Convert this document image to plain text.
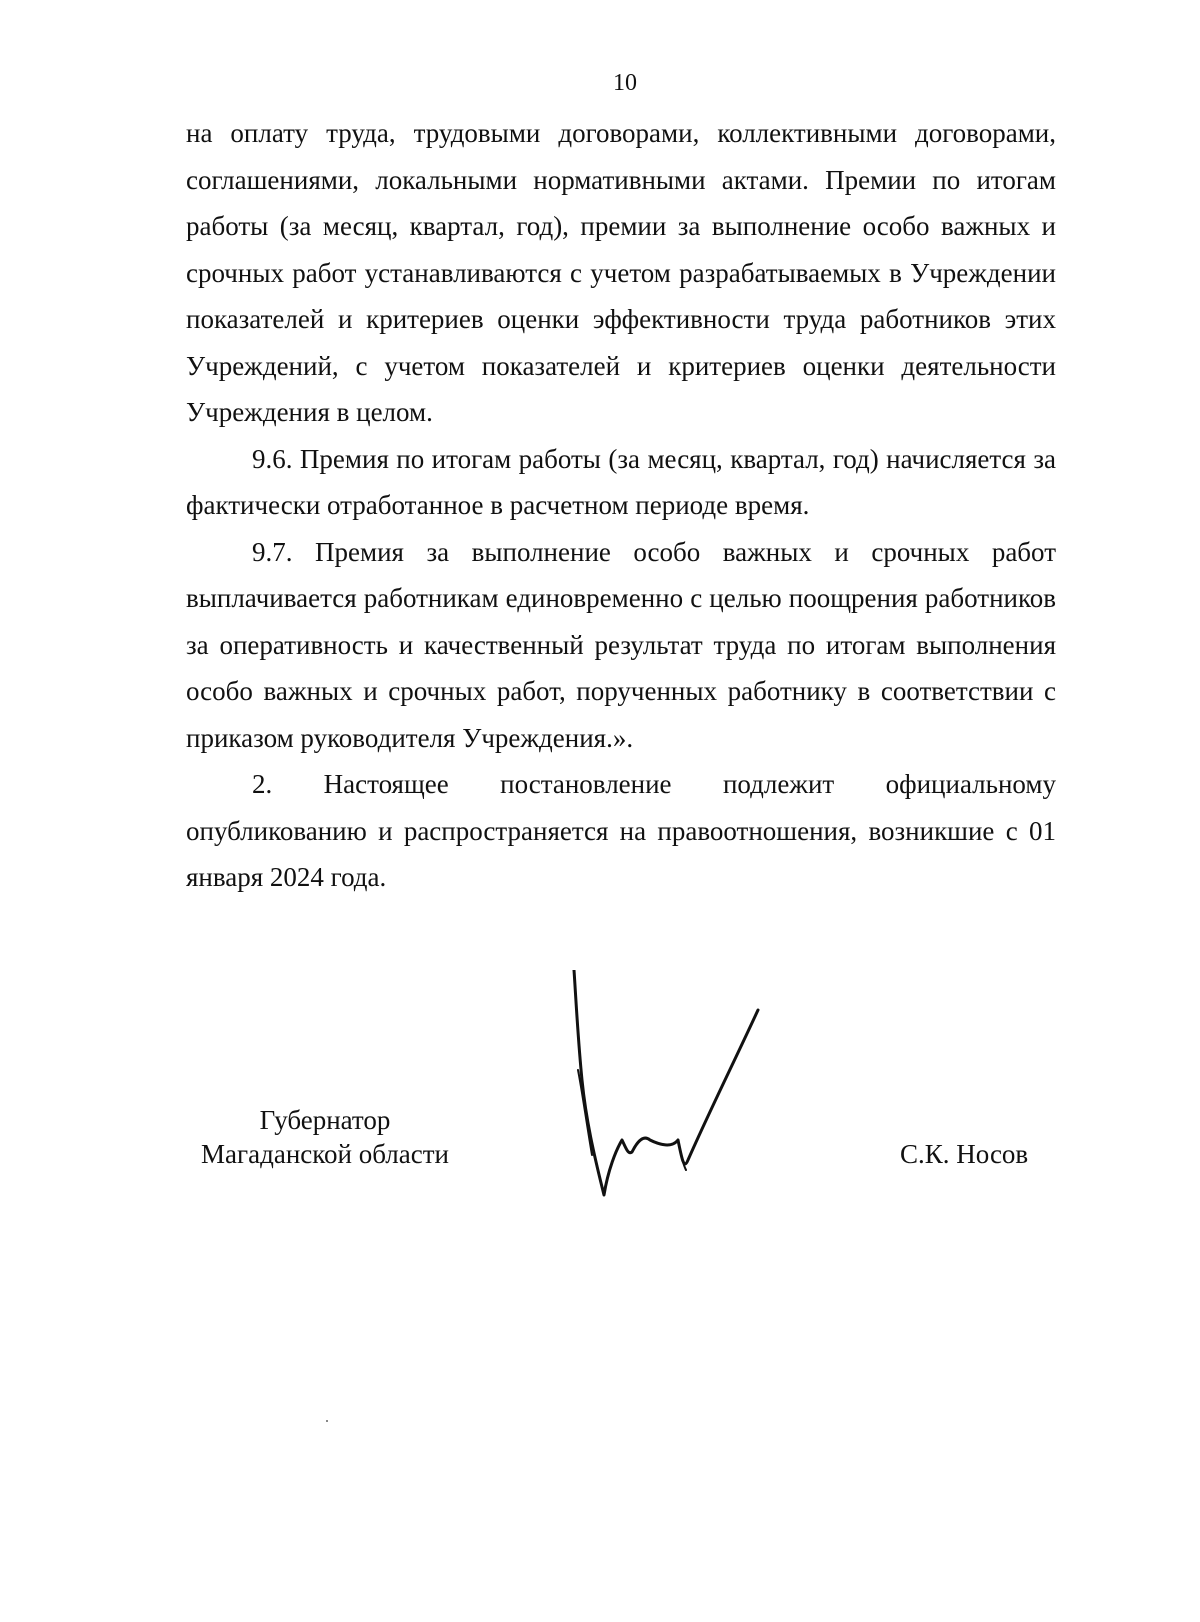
10

на оплату труда, трудовыми договорами, коллективными договорами, соглашениями, локальными нормативными актами. Премии по итогам работы (за месяц, квартал, год), премии за выполнение особо важных и срочных работ устанавливаются с учетом разрабатываемых в Учреждении показателей и критериев оценки эффективности труда работников этих Учреждений, с учетом показателей и критериев оценки деятельности Учреждения в целом.

9.6. Премия по итогам работы (за месяц, квартал, год) начисляется за фактически отработанное в расчетном периоде время.

9.7. Премия за выполнение особо важных и срочных работ выплачивается работникам единовременно с целью поощрения работников за оперативность и качественный результат труда по итогам выполнения особо важных и срочных работ, порученных работнику в соответствии с приказом руководителя Учреждения.».

2. Настоящее постановление подлежит официальному опубликованию и распространяется на правоотношения, возникшие с 01 января 2024 года.

Губернатор
Магаданской области	С.К. Носов
